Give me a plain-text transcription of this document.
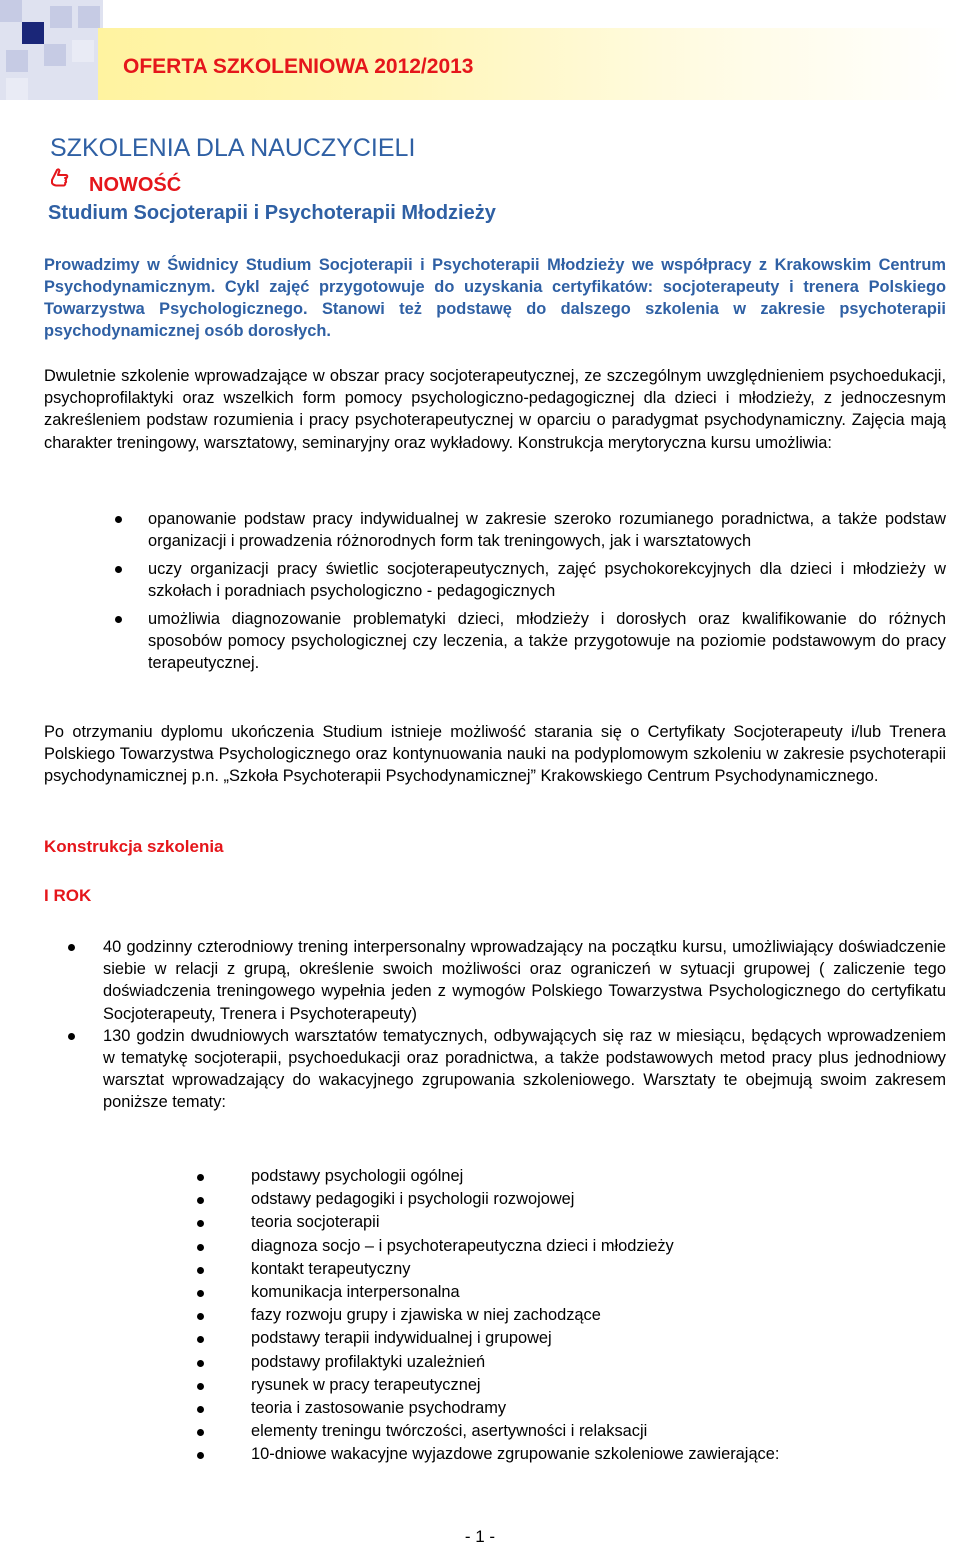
OFERTA SZKOLENIOWA 2012/2013
SZKOLENIA DLA NAUCZYCIELI
NOWOŚĆ
Studium Socjoterapii i Psychoterapii Młodzieży

Prowadzimy w Świdnicy Studium Socjoterapii i Psychoterapii Młodzieży we współpracy z Krakowskim Centrum Psychodynamicznym. Cykl zajęć przygotowuje do uzyskania certyfikatów: socjoterapeuty i trenera Polskiego Towarzystwa Psychologicznego. Stanowi też podstawę do dalszego szkolenia w zakresie psychoterapii psychodynamicznej osób dorosłych.

Dwuletnie szkolenie wprowadzające w obszar pracy socjoterapeutycznej, ze szczególnym uwzględnieniem psychoedukacji, psychoprofilaktyki oraz wszelkich form pomocy psychologiczno-pedagogicznej dla dzieci i młodzieży, z jednoczesnym zakreśleniem podstaw rozumienia i pracy psychoterapeutycznej w oparciu o paradygmat psychodynamiczny. Zajęcia mają charakter treningowy, warsztatowy, seminaryjny oraz wykładowy. Konstrukcja merytoryczna kursu umożliwia:

opanowanie podstaw pracy indywidualnej w zakresie szeroko rozumianego poradnictwa, a także podstaw organizacji i prowadzenia różnorodnych form tak treningowych, jak i warsztatowych
uczy organizacji pracy świetlic socjoterapeutycznych, zajęć psychokorekcyjnych dla dzieci i młodzieży w szkołach i poradniach psychologiczno - pedagogicznych
umożliwia diagnozowanie problematyki dzieci, młodzieży i dorosłych oraz kwalifikowanie do różnych sposobów pomocy psychologicznej czy leczenia, a także przygotowuje na poziomie podstawowym do pracy terapeutycznej.

Po otrzymaniu dyplomu ukończenia Studium istnieje możliwość starania się o Certyfikaty Socjoterapeuty i/lub Trenera Polskiego Towarzystwa Psychologicznego oraz kontynuowania nauki na podyplomowym szkoleniu w zakresie psychoterapii psychodynamicznej p.n. „Szkoła Psychoterapii Psychodynamicznej” Krakowskiego Centrum Psychodynamicznego.

Konstrukcja szkolenia
I ROK
40 godzinny czterodniowy trening interpersonalny wprowadzający na początku kursu, umożliwiający doświadczenie siebie w relacji z grupą, określenie swoich możliwości oraz ograniczeń w sytuacji grupowej ( zaliczenie tego doświadczenia treningowego wypełnia jeden z wymogów Polskiego Towarzystwa Psychologicznego do certyfikatu Socjoterapeuty, Trenera i Psychoterapeuty)
130 godzin dwudniowych warsztatów tematycznych, odbywających się raz w miesiącu, będących wprowadzeniem w tematykę socjoterapii, psychoedukacji oraz poradnictwa, a także podstawowych metod pracy plus jednodniowy warsztat wprowadzający do wakacyjnego zgrupowania szkoleniowego. Warsztaty te obejmują swoim zakresem poniższe tematy:
podstawy psychologii ogólnej
odstawy pedagogiki i psychologii rozwojowej
teoria socjoterapii
diagnoza socjo – i psychoterapeutyczna dzieci i młodzieży
kontakt terapeutyczny
komunikacja interpersonalna
fazy rozwoju grupy i zjawiska w niej zachodzące
podstawy terapii indywidualnej i grupowej
podstawy profilaktyki uzależnień
rysunek w pracy terapeutycznej
teoria i zastosowanie psychodramy
elementy treningu twórczości, asertywności i relaksacji
10-dniowe wakacyjne wyjazdowe zgrupowanie szkoleniowe zawierające:
- 1 -
